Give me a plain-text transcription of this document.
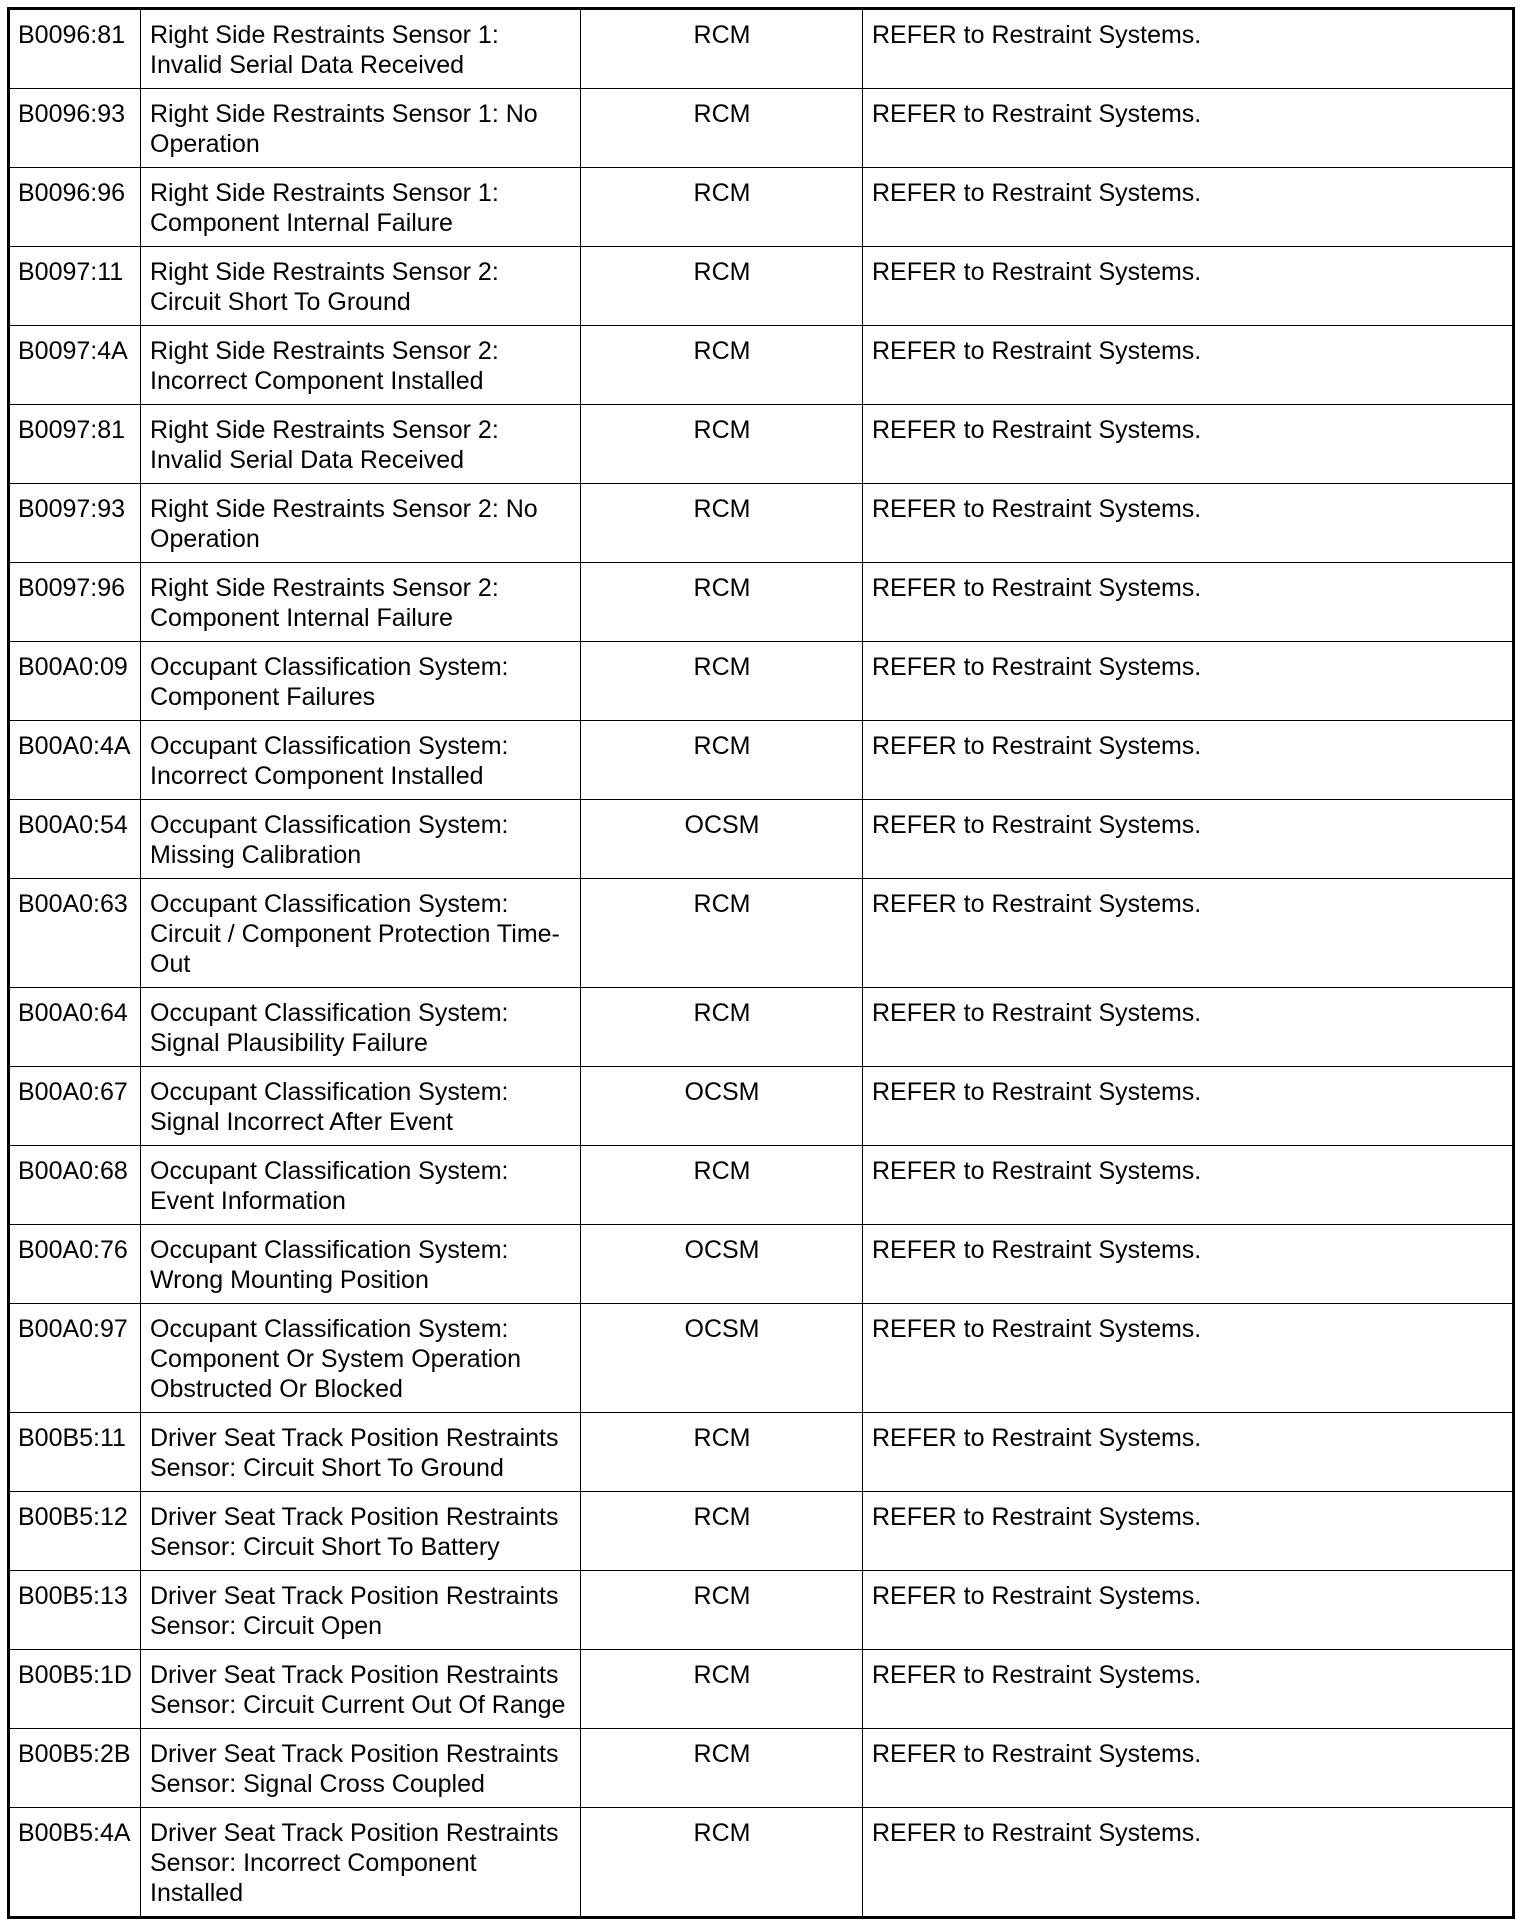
B0096:81	Right Side Restraints Sensor 1: Invalid Serial Data Received	RCM	REFER to Restraint Systems.
B0096:93	Right Side Restraints Sensor 1: No Operation	RCM	REFER to Restraint Systems.
B0096:96	Right Side Restraints Sensor 1: Component Internal Failure	RCM	REFER to Restraint Systems.
B0097:11	Right Side Restraints Sensor 2: Circuit Short To Ground	RCM	REFER to Restraint Systems.
B0097:4A	Right Side Restraints Sensor 2: Incorrect Component Installed	RCM	REFER to Restraint Systems.
B0097:81	Right Side Restraints Sensor 2: Invalid Serial Data Received	RCM	REFER to Restraint Systems.
B0097:93	Right Side Restraints Sensor 2: No Operation	RCM	REFER to Restraint Systems.
B0097:96	Right Side Restraints Sensor 2: Component Internal Failure	RCM	REFER to Restraint Systems.
B00A0:09	Occupant Classification System: Component Failures	RCM	REFER to Restraint Systems.
B00A0:4A	Occupant Classification System: Incorrect Component Installed	RCM	REFER to Restraint Systems.
B00A0:54	Occupant Classification System: Missing Calibration	OCSM	REFER to Restraint Systems.
B00A0:63	Occupant Classification System: Circuit / Component Protection Time-Out	RCM	REFER to Restraint Systems.
B00A0:64	Occupant Classification System: Signal Plausibility Failure	RCM	REFER to Restraint Systems.
B00A0:67	Occupant Classification System: Signal Incorrect After Event	OCSM	REFER to Restraint Systems.
B00A0:68	Occupant Classification System: Event Information	RCM	REFER to Restraint Systems.
B00A0:76	Occupant Classification System: Wrong Mounting Position	OCSM	REFER to Restraint Systems.
B00A0:97	Occupant Classification System: Component Or System Operation Obstructed Or Blocked	OCSM	REFER to Restraint Systems.
B00B5:11	Driver Seat Track Position Restraints Sensor: Circuit Short To Ground	RCM	REFER to Restraint Systems.
B00B5:12	Driver Seat Track Position Restraints Sensor: Circuit Short To Battery	RCM	REFER to Restraint Systems.
B00B5:13	Driver Seat Track Position Restraints Sensor: Circuit Open	RCM	REFER to Restraint Systems.
B00B5:1D	Driver Seat Track Position Restraints Sensor: Circuit Current Out Of Range	RCM	REFER to Restraint Systems.
B00B5:2B	Driver Seat Track Position Restraints Sensor: Signal Cross Coupled	RCM	REFER to Restraint Systems.
B00B5:4A	Driver Seat Track Position Restraints Sensor: Incorrect Component Installed	RCM	REFER to Restraint Systems.
